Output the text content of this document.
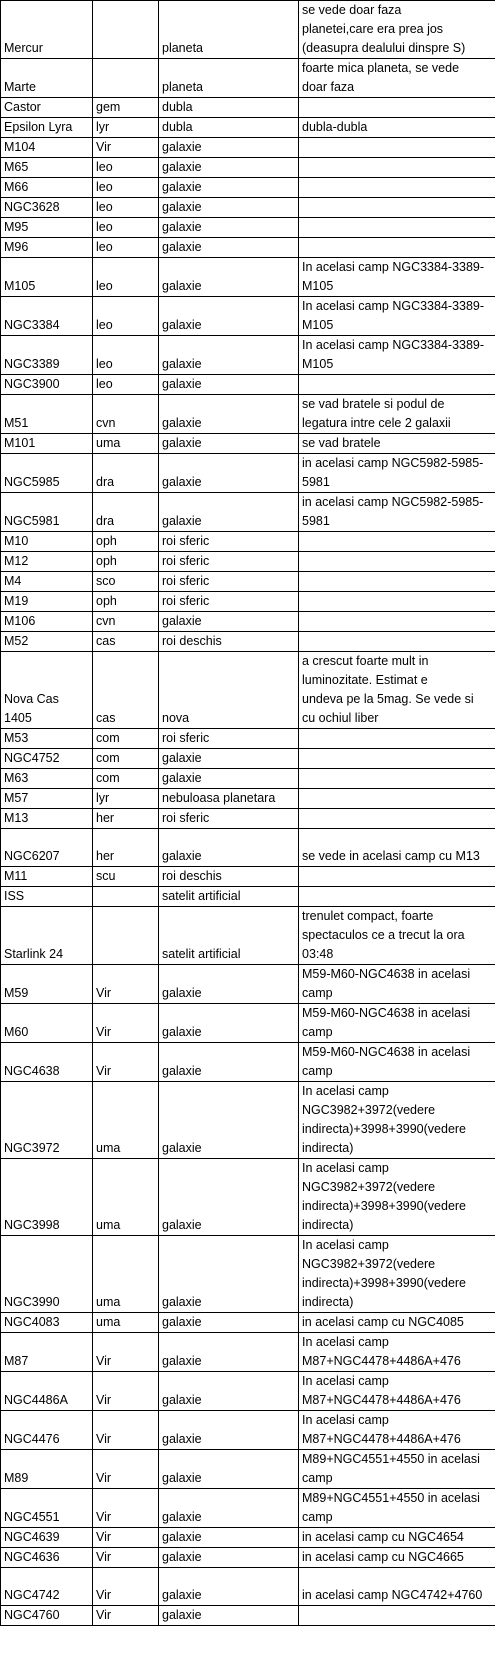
Mercur		planeta	se vede doar faza
planetei,care era prea jos
(deasupra dealului dinspre S)
Marte		planeta	foarte mica planeta, se vede
doar faza
Castor	gem	dubla	
Epsilon Lyra	lyr	dubla	dubla-dubla
M104	Vir	galaxie	
M65	leo	galaxie	
M66	leo	galaxie	
NGC3628	leo	galaxie	
M95	leo	galaxie	
M96	leo	galaxie	
M105	leo	galaxie	In acelasi camp NGC3384-3389-
M105
NGC3384	leo	galaxie	In acelasi camp NGC3384-3389-
M105
NGC3389	leo	galaxie	In acelasi camp NGC3384-3389-
M105
NGC3900	leo	galaxie	
M51	cvn	galaxie	se vad bratele si podul de
legatura intre cele 2 galaxii
M101	uma	galaxie	se vad bratele
NGC5985	dra	galaxie	in acelasi camp NGC5982-5985-
5981
NGC5981	dra	galaxie	in acelasi camp NGC5982-5985-
5981
M10	oph	roi sferic	
M12	oph	roi sferic	
M4	sco	roi sferic	
M19	oph	roi sferic	
M106	cvn	galaxie	
M52	cas	roi deschis	
Nova Cas 1405	cas	nova	a crescut foarte mult in
luminozitate. Estimat e
undeva pe la 5mag. Se vede si
cu ochiul liber
M53	com	roi sferic	
NGC4752	com	galaxie	
M63	com	galaxie	
M57	lyr	nebuloasa planetara	
M13	her	roi sferic	
NGC6207	her	galaxie	se vede in acelasi camp cu M13
M11	scu	roi deschis	
ISS		satelit artificial	
Starlink 24		satelit artificial	trenulet compact, foarte
spectaculos ce a trecut la ora
03:48
M59	Vir	galaxie	M59-M60-NGC4638 in acelasi
camp
M60	Vir	galaxie	M59-M60-NGC4638 in acelasi
camp
NGC4638	Vir	galaxie	M59-M60-NGC4638 in acelasi
camp
NGC3972	uma	galaxie	In acelasi camp
NGC3982+3972(vedere
indirecta)+3998+3990(vedere
indirecta)
NGC3998	uma	galaxie	In acelasi camp
NGC3982+3972(vedere
indirecta)+3998+3990(vedere
indirecta)
NGC3990	uma	galaxie	In acelasi camp
NGC3982+3972(vedere
indirecta)+3998+3990(vedere
indirecta)
NGC4083	uma	galaxie	in acelasi camp cu NGC4085
M87	Vir	galaxie	In acelasi camp
M87+NGC4478+4486A+476
NGC4486A	Vir	galaxie	In acelasi camp
M87+NGC4478+4486A+476
NGC4476	Vir	galaxie	In acelasi camp
M87+NGC4478+4486A+476
M89	Vir	galaxie	M89+NGC4551+4550 in acelasi
camp
NGC4551	Vir	galaxie	M89+NGC4551+4550 in acelasi
camp
NGC4639	Vir	galaxie	in acelasi camp cu NGC4654
NGC4636	Vir	galaxie	in acelasi camp cu NGC4665
NGC4742	Vir	galaxie	in acelasi camp NGC4742+4760
NGC4760	Vir	galaxie	
